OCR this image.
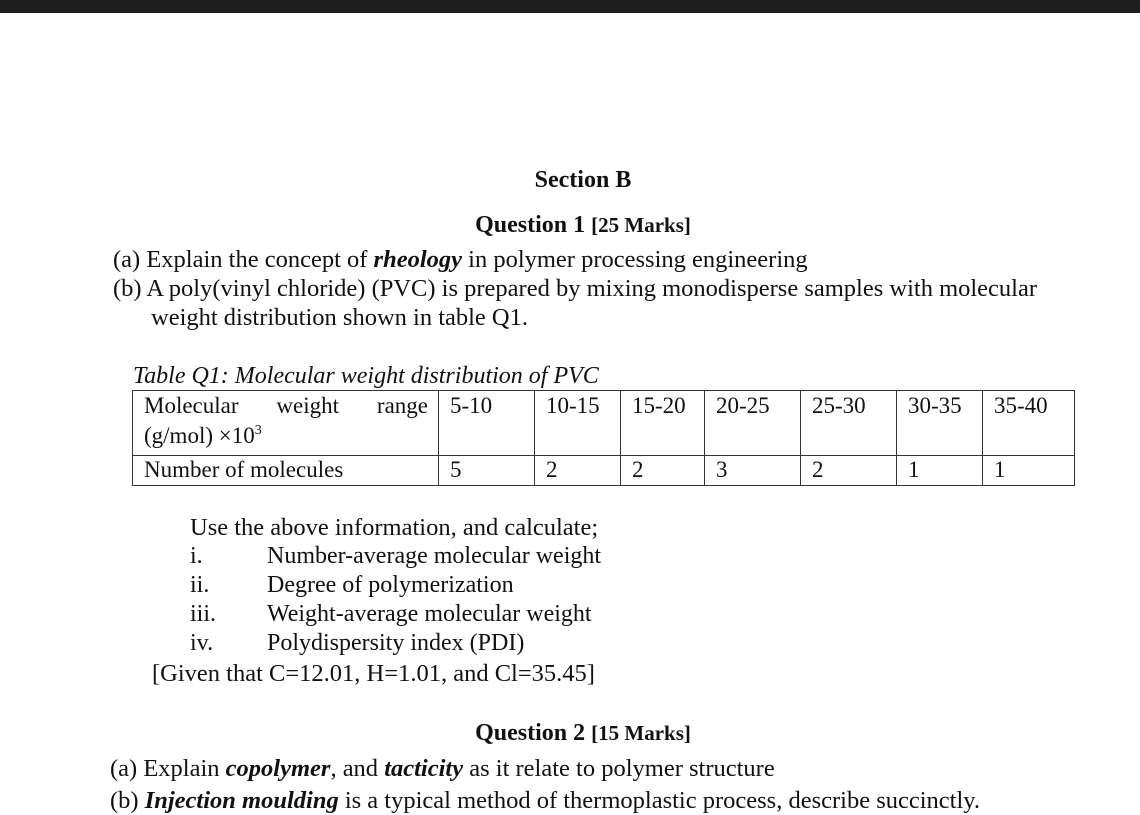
Section B
Question 1 [25 Marks]
(a) Explain the concept of rheology in polymer processing engineering
(b) A poly(vinyl chloride) (PVC) is prepared by mixing monodisperse samples with molecular
weight distribution shown in table Q1.
Table Q1: Molecular weight distribution of PVC
Molecular weight range
$(g/mol) \times 10^3$	5-10	10-15	15-20	20-25	25-30	30-35	35-40
Number of molecules	5	2	2	3	2	1	1
Use the above information, and calculate;
i.	Number-average molecular weight
ii. Degree of polymerization
iii. Weight-average molecular weight
iv. Polydispersity index (PDI)
[Given that C=12.01, H=1.01, and Cl=35.45]
Question 2 [15 Marks]
(a) Explain copolymer, and tacticity as it relate to polymer structure
(b) Injection moulding is a typical method of thermoplastic process, describe succinctly.
